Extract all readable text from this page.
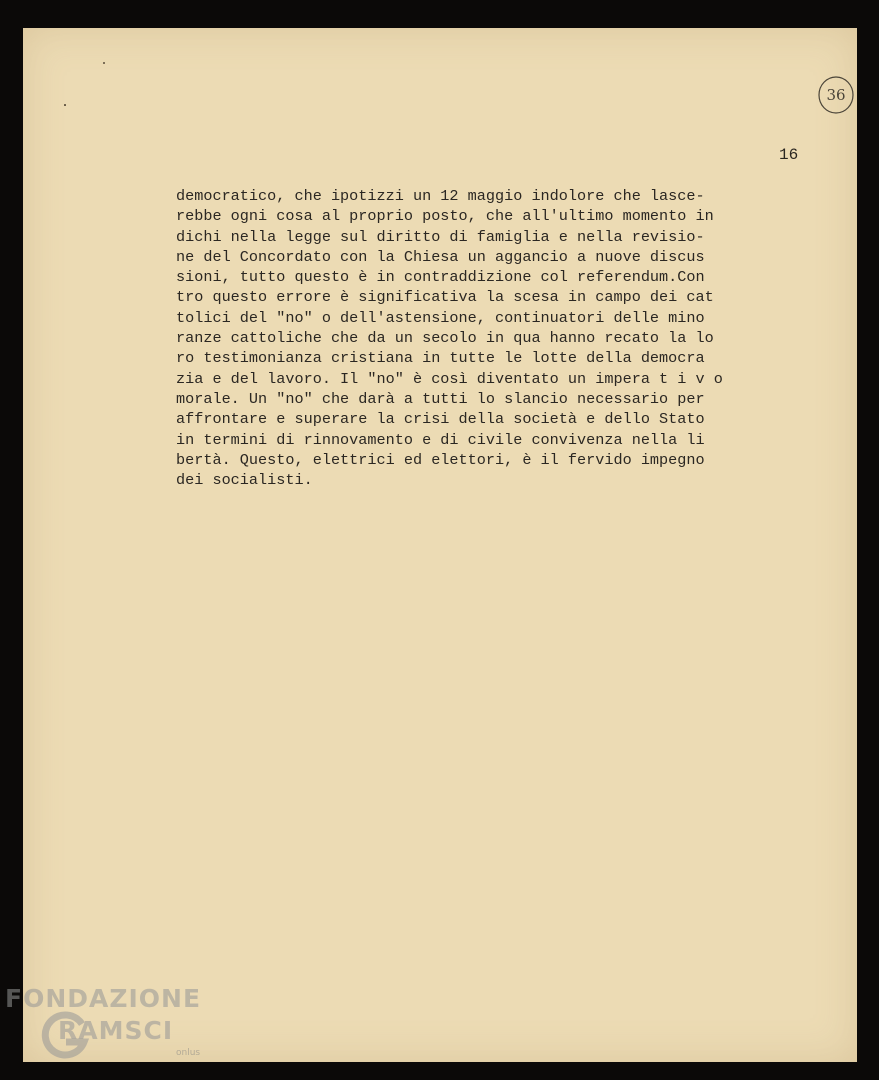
36
16
democratico, che ipotizzi un 12 maggio indolore che lasce-
rebbe ogni cosa al proprio posto, che all'ultimo momento in
dichi nella legge sul diritto di famiglia e nella revisio-
ne del Concordato con la Chiesa un aggancio a nuove discus
sioni, tutto questo è in contraddizione col referendum.Con
tro questo errore è significativa la scesa in campo dei cat
tolici del "no" o dell'astensione, continuatori delle mino
ranze cattoliche che da un secolo in qua hanno recato la lo
ro testimonianza cristiana in tutte le lotte della democra
zia e del lavoro. Il "no" è così diventato un impera t i v o
morale. Un "no" che darà a tutti lo slancio necessario per
affrontare e superare la crisi della società e dello Stato
in termini di rinnovamento e di civile convivenza nella li
bertà. Questo, elettrici ed elettori, è il fervido impegno
dei socialisti.
FONDAZIONE
RAMSCI
onlus
